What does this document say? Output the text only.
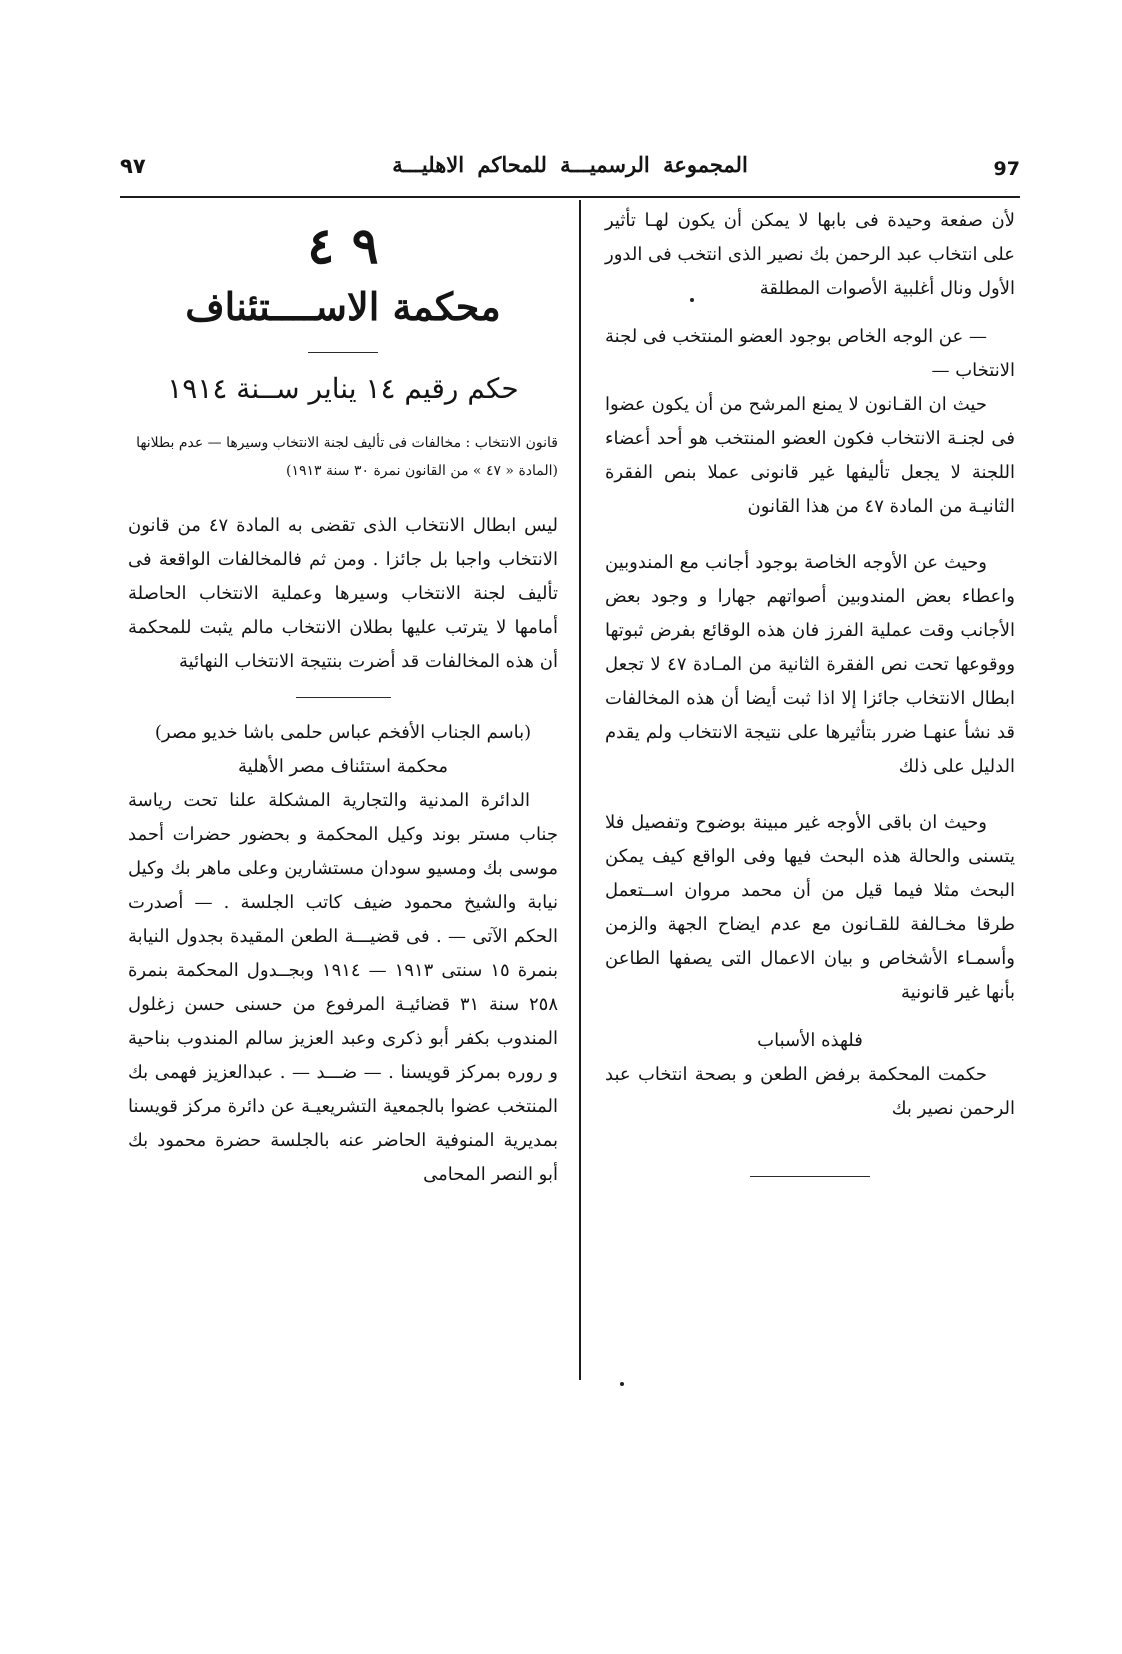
٩٧	المجموعة الرسميـــة للمحاكم الاهليـــة	97
٩ ٤
محكمة الاســــتئناف
حكم رقيم ١٤ يناير ســنة ١٩١٤

قانون الانتخاب : مخالفات فى تأليف لجنة الانتخاب وسيرها — عدم بطلانها

(المادة « ٤٧ » من القانون نمرة ٣٠ سنة ١٩١٣)

ليس ابطال الانتخاب الذى تقضى به المادة ٤٧ من قانون الانتخاب واجبا بل جائزا . ومن ثم فالمخالفات الواقعة فى تأليف لجنة الانتخاب وسيرها وعملية الانتخاب الحاصلة أمامها لا يترتب عليها بطلان الانتخاب مالم يثبت للمحكمة أن هذه المخالفات قد أضرت بنتيجة الانتخاب النهائية

(باسم الجناب الأفخم عباس حلمى باشا خديو مصر)

محكمة استئناف مصر الأهلية

الدائرة المدنية والتجارية المشكلة علنا تحت رياسة جناب مستر بوند وكيل المحكمة و بحضور حضرات أحمد موسى بك ومسيو سودان مستشارين وعلى ماهر بك وكيل نيابة والشيخ محمود ضيف كاتب الجلسة . — أصدرت الحكم الآتى — . فى قضيـــة الطعن المقيدة بجدول النيابة بنمرة ١٥ سنتى ١٩١٣ — ١٩١٤ وبجــدول المحكمة بنمرة ٢٥٨ سنة ٣١ قضائيـة المرفوع من حسنى حسن زغلول المندوب بكفر أبو ذكرى وعبد العزيز سالم المندوب بناحية و روره بمركز قويسنا . — ضـــد — . عبدالعزيز فهمى بك المنتخب عضوا بالجمعية التشريعيـة عن دائرة مركز قويسنا بمديرية المنوفية الحاضر عنه بالجلسة حضرة محمود بك أبو النصر المحامى

لأن صفعة وحيدة فى بابها لا يمكن أن يكون لهـا تأثير على انتخاب عبد الرحمن بك نصير الذى انتخب فى الدور الأول ونال أغلبية الأصوات المطلقة

— عن الوجه الخاص بوجود العضو المنتخب فى لجنة الانتخاب —

حيث ان القـانون لا يمنع المرشح من أن يكون عضوا فى لجنـة الانتخاب فكون العضو المنتخب هو أحد أعضاء اللجنة لا يجعل تأليفها غير قانونى عملا بنص الفقرة الثانيـة من المادة ٤٧ من هذا القانون

وحيث عن الأوجه الخاصة بوجود أجانب مع المندوبين واعطاء بعض المندوبين أصواتهم جهارا و وجود بعض الأجانب وقت عملية الفرز فان هذه الوقائع بفرض ثبوتها ووقوعها تحت نص الفقرة الثانية من المـادة ٤٧ لا تجعل ابطال الانتخاب جائزا إلا اذا ثبت أيضا أن هذه المخالفات قد نشأ عنهـا ضرر بتأثيرها على نتيجة الانتخاب ولم يقدم الدليل على ذلك

وحيث ان باقى الأوجه غير مبينة بوضوح وتفصيل فلا يتسنى والحالة هذه البحث فيها وفى الواقع كيف يمكن البحث مثلا فيما قيل من أن محمد مروان اســتعمل طرقا مخـالفة للقـانون مع عدم ايضاح الجهة والزمن وأسمـاء الأشخاص و بيان الاعمال التى يصفها الطاعن بأنها غير قانونية

فلهذه الأسباب

حكمت المحكمة برفض الطعن و بصحة انتخاب عبد الرحمن نصير بك
